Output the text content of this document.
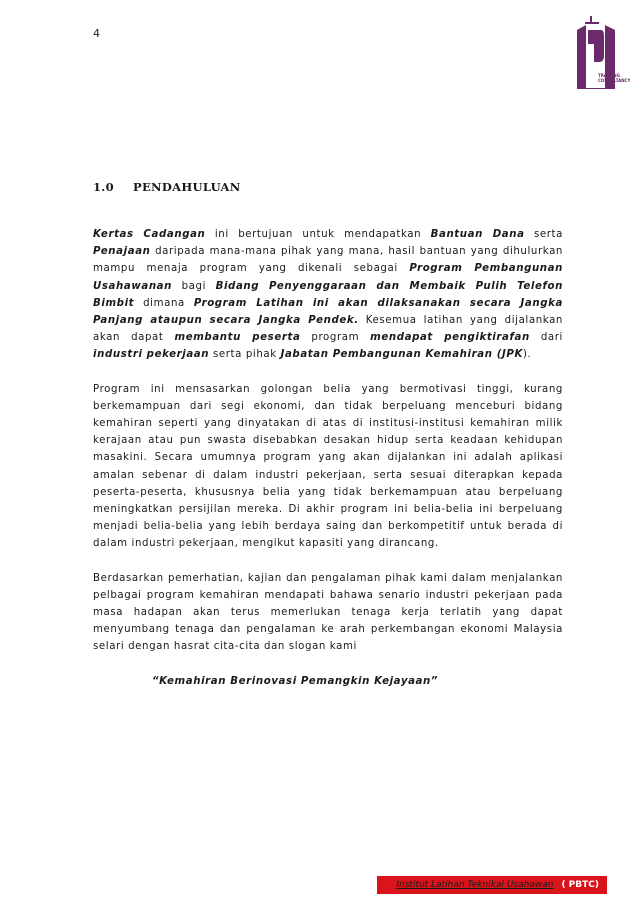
4
TRAINING
CONSULTANCY
1.0 PENDAHULUAN

Kertas Cadangan ini bertujuan untuk mendapatkan Bantuan Dana serta Penajaan daripada mana-mana pihak yang mana, hasil bantuan yang dihulurkan mampu menaja program yang dikenali sebagai Program Pembangunan Usahawanan bagi Bidang Penyenggaraan dan Membaik Pulih Telefon Bimbit dimana Program Latihan ini akan dilaksanakan secara Jangka Panjang ataupun secara Jangka Pendek. Kesemua latihan yang dijalankan akan dapat membantu peserta program mendapat pengiktirafan dari industri pekerjaan serta pihak Jabatan Pembangunan Kemahiran (JPK).

Program ini mensasarkan golongan belia yang bermotivasi tinggi, kurang berkemampuan dari segi ekonomi, dan tidak berpeluang menceburi bidang kemahiran seperti yang dinyatakan di atas di institusi-institusi kemahiran milik kerajaan atau pun swasta disebabkan desakan hidup serta keadaan kehidupan masakini. Secara umumnya program yang akan dijalankan ini adalah aplikasi amalan sebenar di dalam industri pekerjaan, serta sesuai diterapkan kepada peserta-peserta, khususnya belia yang tidak berkemampuan atau berpeluang meningkatkan persijilan mereka. Di akhir program ini belia-belia ini berpeluang menjadi belia-belia yang lebih berdaya saing dan berkompetitif untuk berada di dalam industri pekerjaan, mengikut kapasiti yang dirancang.

Berdasarkan pemerhatian, kajian dan pengalaman pihak kami dalam menjalankan pelbagai program kemahiran mendapati bahawa senario industri pekerjaan pada masa hadapan akan terus memerlukan tenaga kerja terlatih yang dapat menyumbang tenaga dan pengalaman ke arah perkembangan ekonomi Malaysia selari dengan hasrat cita-cita dan slogan kami

“Kemahiran Berinovasi Pemangkin Kejayaan”

Institut Latihan Teknikal Usahawan ( PBTC)
